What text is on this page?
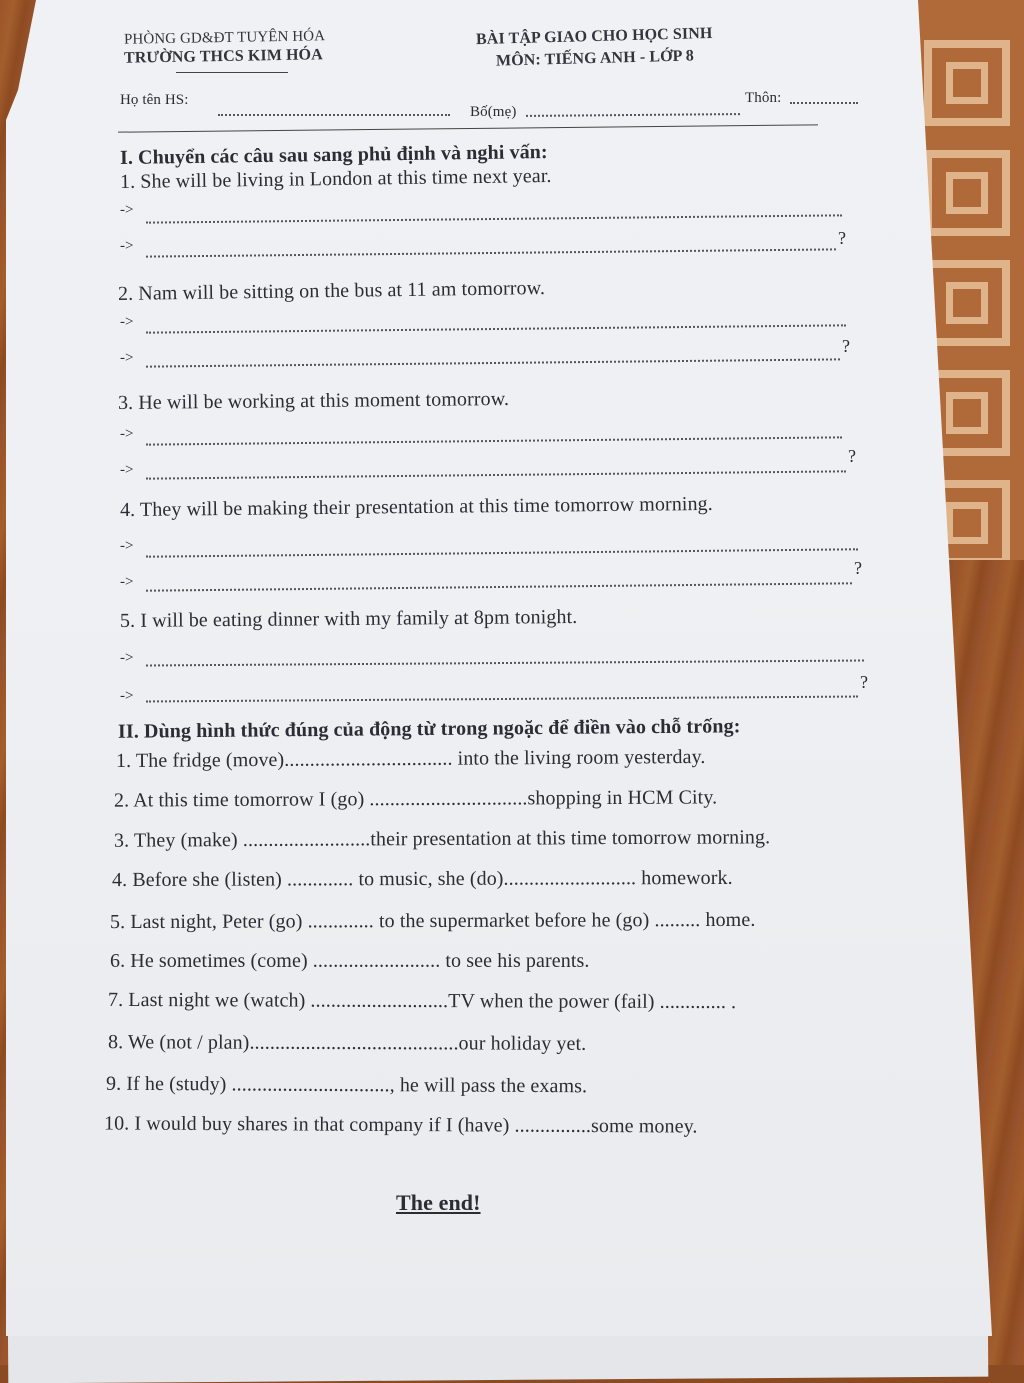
PHÒNG GD&ĐT TUYÊN HÓA
TRƯỜNG THCS KIM HÓA
BÀI TẬP GIAO CHO HỌC SINH
MÔN: TIẾNG ANH - LỚP 8
Họ tên HS:
Bố(mẹ)
Thôn:
I. Chuyển các câu sau sang phủ định và nghi vấn:
1. She will be living in London at this time next year.
->
->	?
2. Nam will be sitting on the bus at 11 am tomorrow.
->
->
?
3. He will be working at this moment tomorrow.
->
->
?
4. They will be making their presentation at this time tomorrow morning.
->
->
?
5. I will be eating dinner with my family at 8pm tonight.
->
->
?
II. Dùng hình thức đúng của động từ trong ngoặc để điền vào chỗ trống:
1. The fridge (move)................................. into the living room yesterday.
2. At this time tomorrow I (go) ...............................shopping in HCM City.
3. They (make) .........................their presentation at this time tomorrow morning.
4. Before she (listen) ............. to music, she (do).......................... homework.
5. Last night, Peter (go) ............. to the supermarket before he (go) ......... home.
6. He sometimes (come) ......................... to see his parents.
7. Last night we (watch) ...........................TV when the power (fail) ............. .
8. We (not / plan).........................................our holiday yet.
9. If he (study) ..............................., he will pass the exams.
10. I would buy shares in that company if I (have) ...............some money.
The end!
